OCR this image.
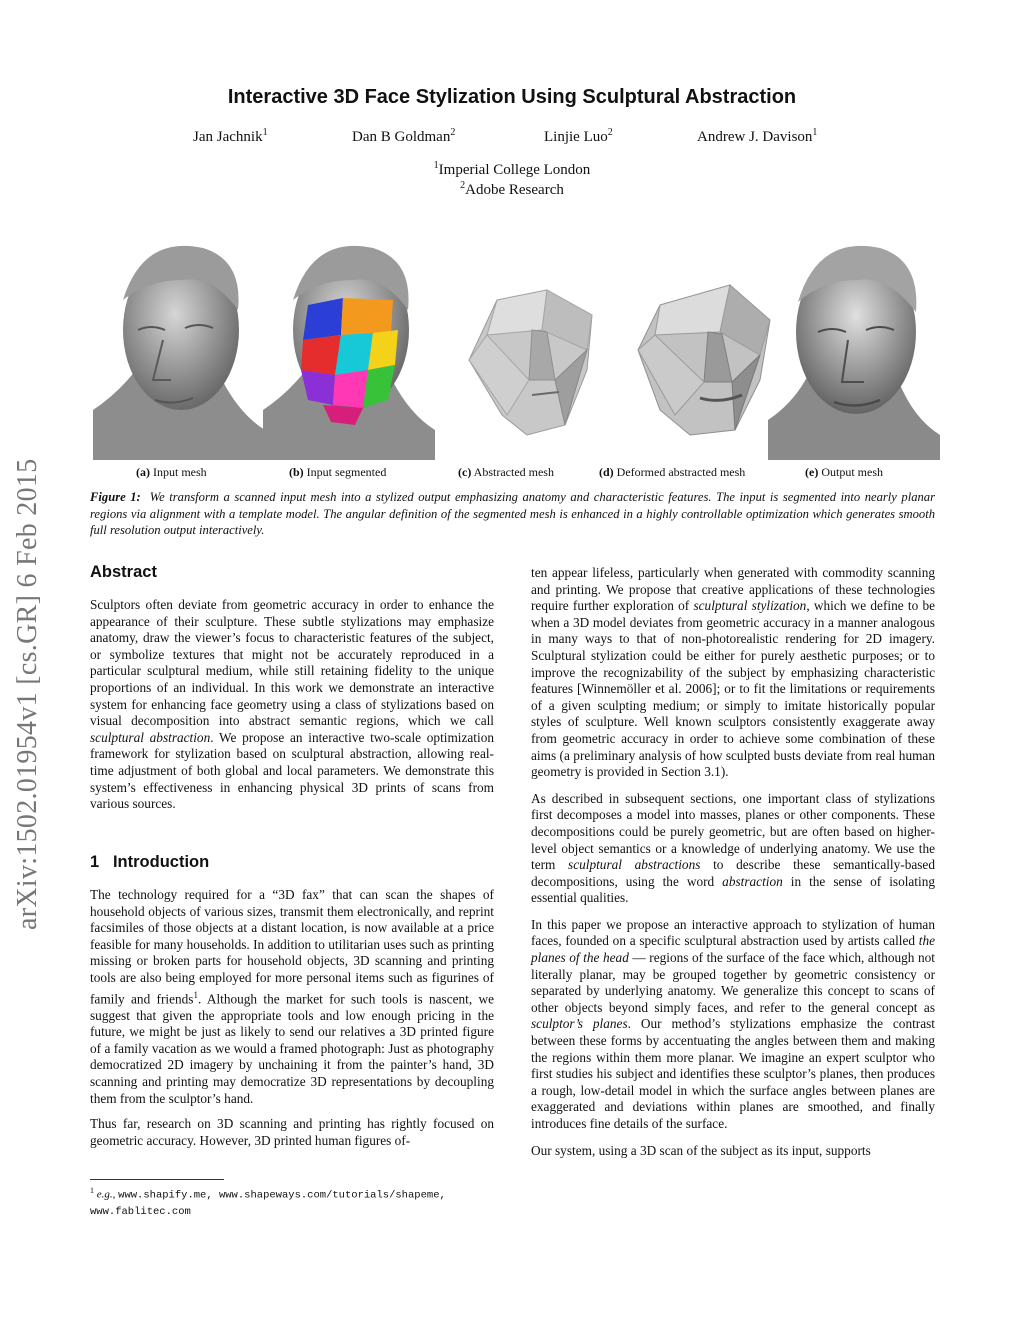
Interactive 3D Face Stylization Using Sculptural Abstraction
Jan Jachnik$^1$	Dan B Goldman$^2$	Linjie Luo$^2$	Andrew J. Davison$^1$
$^1$Imperial College London
$^2$Adobe Research
arXiv:1502.01954v1 [cs.GR] 6 Feb 2015	(a) Input mesh	(b) Input segmented	(c) Abstracted mesh	(d) Deformed abstracted mesh	(e) Output mesh
Figure 1: We transform a scanned input mesh into a stylized output emphasizing anatomy and characteristic features. The input is segmented into nearly planar regions via alignment with a template model. The angular definition of the segmented mesh is enhanced in a highly controllable optimization which generates smooth full resolution output interactively.
Abstract

Sculptors often deviate from geometric accuracy in order to enhance the appearance of their sculpture. These subtle stylizations may emphasize anatomy, draw the viewer’s focus to characteristic features of the subject, or symbolize textures that might not be accurately reproduced in a particular sculptural medium, while still retaining fidelity to the unique proportions of an individual. In this work we demonstrate an interactive system for enhancing face geometry using a class of stylizations based on visual decomposition into abstract semantic regions, which we call sculptural abstraction. We propose an interactive two-scale optimization framework for stylization based on sculptural abstraction, allowing real-time adjustment of both global and local parameters. We demonstrate this system’s effectiveness in enhancing physical 3D prints of scans from various sources.

1 Introduction

The technology required for a “3D fax” that can scan the shapes of household objects of various sizes, transmit them electronically, and reprint facsimiles of those objects at a distant location, is now available at a price feasible for many households. In addition to utilitarian uses such as printing missing or broken parts for household objects, 3D scanning and printing tools are also being employed for more personal items such as figurines of family and friends$^1$. Although the market for such tools is nascent, we suggest that given the appropriate tools and low enough pricing in the future, we might be just as likely to send our relatives a 3D printed figure of a family vacation as we would a framed photograph: Just as photography democratized 2D imagery by unchaining it from the painter’s hand, 3D scanning and printing may democratize 3D representations by decoupling them from the sculptor’s hand.

Thus far, research on 3D scanning and printing has rightly focused on geometric accuracy. However, 3D printed human figures of-

$^1$ e.g., www.shapify.me, www.shapeways.com/tutorials/shapeme, www.fablitec.com

ten appear lifeless, particularly when generated with commodity scanning and printing. We propose that creative applications of these technologies require further exploration of sculptural stylization, which we define to be when a 3D model deviates from geometric accuracy in a manner analogous in many ways to that of non-photorealistic rendering for 2D imagery. Sculptural stylization could be either for purely aesthetic purposes; or to improve the recognizability of the subject by emphasizing characteristic features [Winnemöller et al. 2006]; or to fit the limitations or requirements of a given sculpting medium; or simply to imitate historically popular styles of sculpture. Well known sculptors consistently exaggerate away from geometric accuracy in order to achieve some combination of these aims (a preliminary analysis of how sculpted busts deviate from real human geometry is provided in Section 3.1).

As described in subsequent sections, one important class of stylizations first decomposes a model into masses, planes or other components. These decompositions could be purely geometric, but are often based on higher-level object semantics or a knowledge of underlying anatomy. We use the term sculptural abstractions to describe these semantically-based decompositions, using the word abstraction in the sense of isolating essential qualities.

In this paper we propose an interactive approach to stylization of human faces, founded on a specific sculptural abstraction used by artists called the planes of the head — regions of the surface of the face which, although not literally planar, may be grouped together by geometric consistency or separated by underlying anatomy. We generalize this concept to scans of other objects beyond simply faces, and refer to the general concept as sculptor’s planes. Our method’s stylizations emphasize the contrast between these forms by accentuating the angles between them and making the regions within them more planar. We imagine an expert sculptor who first studies his subject and identifies these sculptor’s planes, then produces a rough, low-detail model in which the surface angles between planes are exaggerated and deviations within planes are smoothed, and finally introduces fine details of the surface.

Our system, using a 3D scan of the subject as its input, supports
